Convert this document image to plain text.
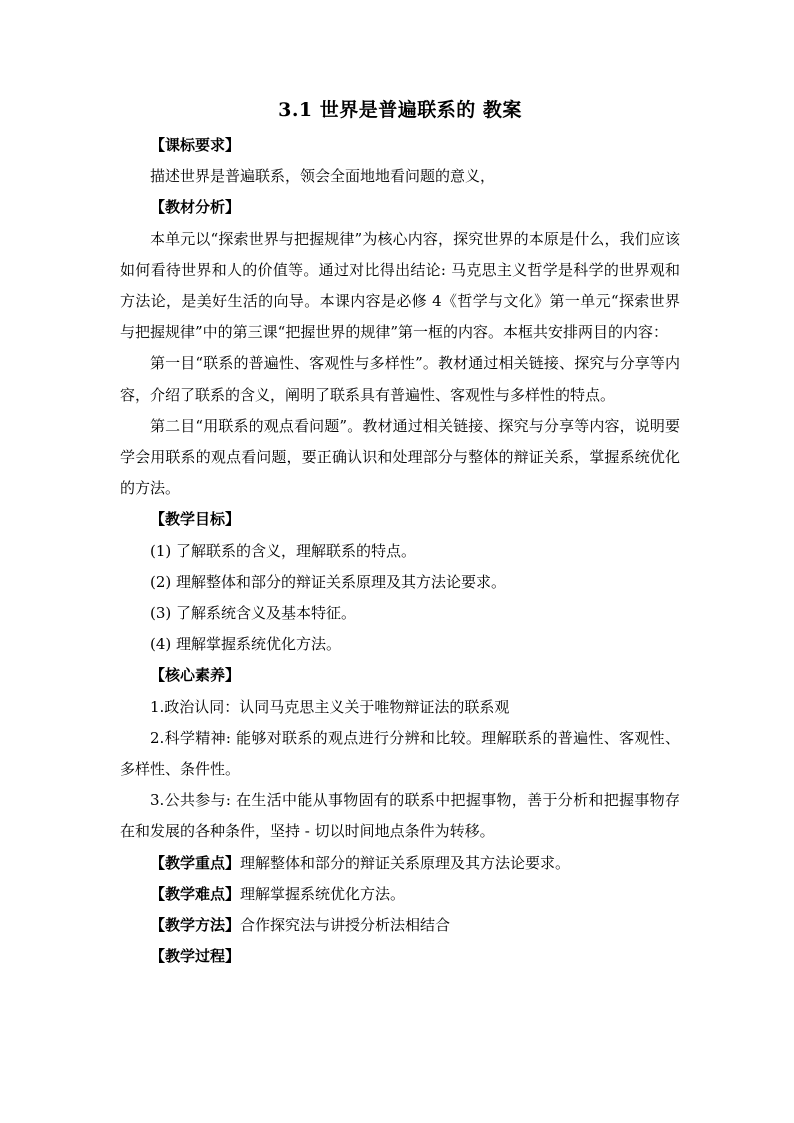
3.1 世界是普遍联系的 教案

【课标要求】

描述世界是普遍联系，领会全面地地看问题的意义，

【教材分析】

本单元以“探索世界与把握规律”为核心内容，探究世界的本原是什么，我们应该如何看待世界和人的价值等。通过对比得出结论: 马克思主义哲学是科学的世界观和方法论，是美好生活的向导。本课内容是必修 4《哲学与文化》第一单元“探索世界与把握规律”中的第三课“把握世界的规律”第一框的内容。本框共安排两目的内容：

第一目“联系的普遍性、客观性与多样性”。教材通过相关链接、探究与分享等内容，介绍了联系的含义，阐明了联系具有普遍性、客观性与多样性的特点。

第二目“用联系的观点看问题”。教材通过相关链接、探究与分享等内容，说明要学会用联系的观点看问题，要正确认识和处理部分与整体的辩证关系，掌握系统优化的方法。

【教学目标】

(1) 了解联系的含义，理解联系的特点。

(2) 理解整体和部分的辩证关系原理及其方法论要求。

(3) 了解系统含义及基本特征。

(4) 理解掌握系统优化方法。

【核心素养】

1.政治认同：认同马克思主义关于唯物辩证法的联系观

2.科学精神: 能够对联系的观点进行分辨和比较。理解联系的普遍性、客观性、多样性、条件性。

3.公共参与: 在生活中能从事物固有的联系中把握事物，善于分析和把握事物存在和发展的各种条件，坚持 - 切以时间地点条件为转移。

【教学重点】理解整体和部分的辩证关系原理及其方法论要求。

【教学难点】理解掌握系统优化方法。

【教学方法】合作探究法与讲授分析法相结合

【教学过程】
